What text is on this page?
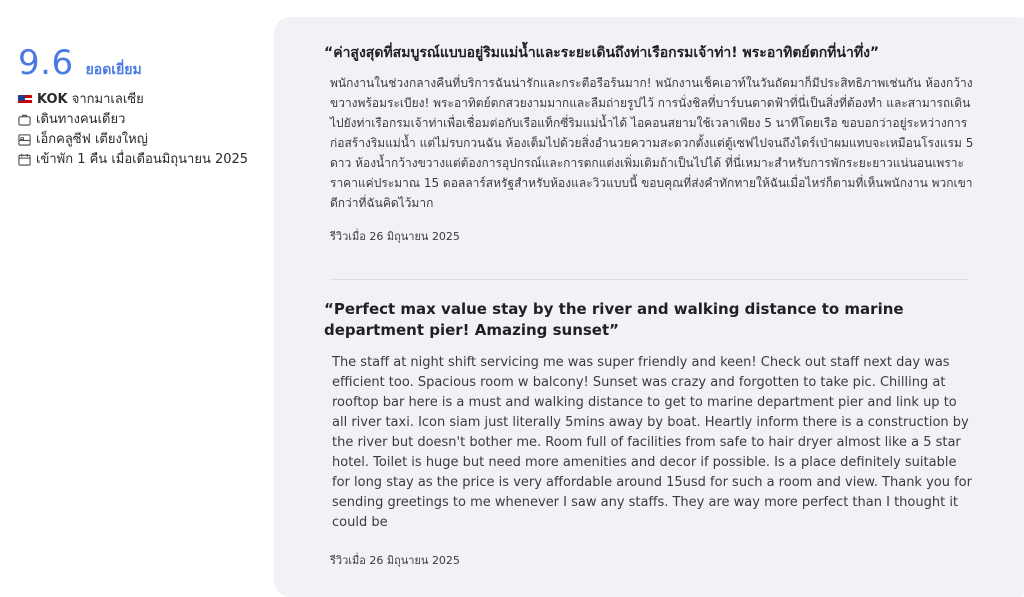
9.6 ยอดเยี่ยม
KOK จากมาเลเซีย
เดินทางคนเดียว
เอ็กคลูซีฟ เตียงใหญ่
เข้าพัก 1 คืน เมื่อเดือนมิถุนายน 2025

“ค่าสูงสุดที่สมบูรณ์แบบอยู่ริมแม่น้ำและระยะเดินถึงท่าเรือกรมเจ้าท่า! พระอาทิตย์ตกที่น่าทึ่ง”

พนักงานในช่วงกลางคืนที่บริการฉันน่ารักและกระตือรือร้นมาก! พนักงานเช็คเอาท์ในวันถัดมาก็มีประสิทธิภาพเช่นกัน ห้องกว้างขวางพร้อมระเบียง! พระอาทิตย์ตกสวยงามมากและลืมถ่ายรูปไว้ การนั่งชิลที่บาร์บนดาดฟ้าที่นี่เป็นสิ่งที่ต้องทำ และสามารถเดินไปยังท่าเรือกรมเจ้าท่าเพื่อเชื่อมต่อกับเรือแท็กซี่ริมแม่น้ำได้ ไอคอนสยามใช้เวลาเพียง 5 นาทีโดยเรือ ขอบอกว่าอยู่ระหว่างการก่อสร้างริมแม่น้ำ แต่ไม่รบกวนฉัน ห้องเต็มไปด้วยสิ่งอำนวยความสะดวกตั้งแต่ตู้เซฟไปจนถึงไดร์เป่าผมแทบจะเหมือนโรงแรม 5 ดาว ห้องน้ำกว้างขวางแต่ต้องการอุปกรณ์และการตกแต่งเพิ่มเติมถ้าเป็นไปได้ ที่นี่เหมาะสำหรับการพักระยะยาวแน่นอนเพราะราคาแค่ประมาณ 15 ดอลลาร์สหรัฐสำหรับห้องและวิวแบบนี้ ขอบคุณที่ส่งคำทักทายให้ฉันเมื่อไหร่ก็ตามที่เห็นพนักงาน พวกเขาดีกว่าที่ฉันคิดไว้มาก
รีวิวเมื่อ 26 มิถุนายน 2025

“Perfect max value stay by the river and walking distance to marine department pier! Amazing sunset”

The staff at night shift servicing me was super friendly and keen! Check out staff next day was efficient too. Spacious room w balcony! Sunset was crazy and forgotten to take pic. Chilling at rooftop bar here is a must and walking distance to get to marine department pier and link up to all river taxi. Icon siam just literally 5mins away by boat. Heartly inform there is a construction by the river but doesn't bother me. Room full of facilities from safe to hair dryer almost like a 5 star hotel. Toilet is huge but need more amenities and decor if possible. Is a place definitely suitable for long stay as the price is very affordable around 15usd for such a room and view. Thank you for sending greetings to me whenever I saw any staffs. They are way more perfect than I thought it could be
รีวิวเมื่อ 26 มิถุนายน 2025
